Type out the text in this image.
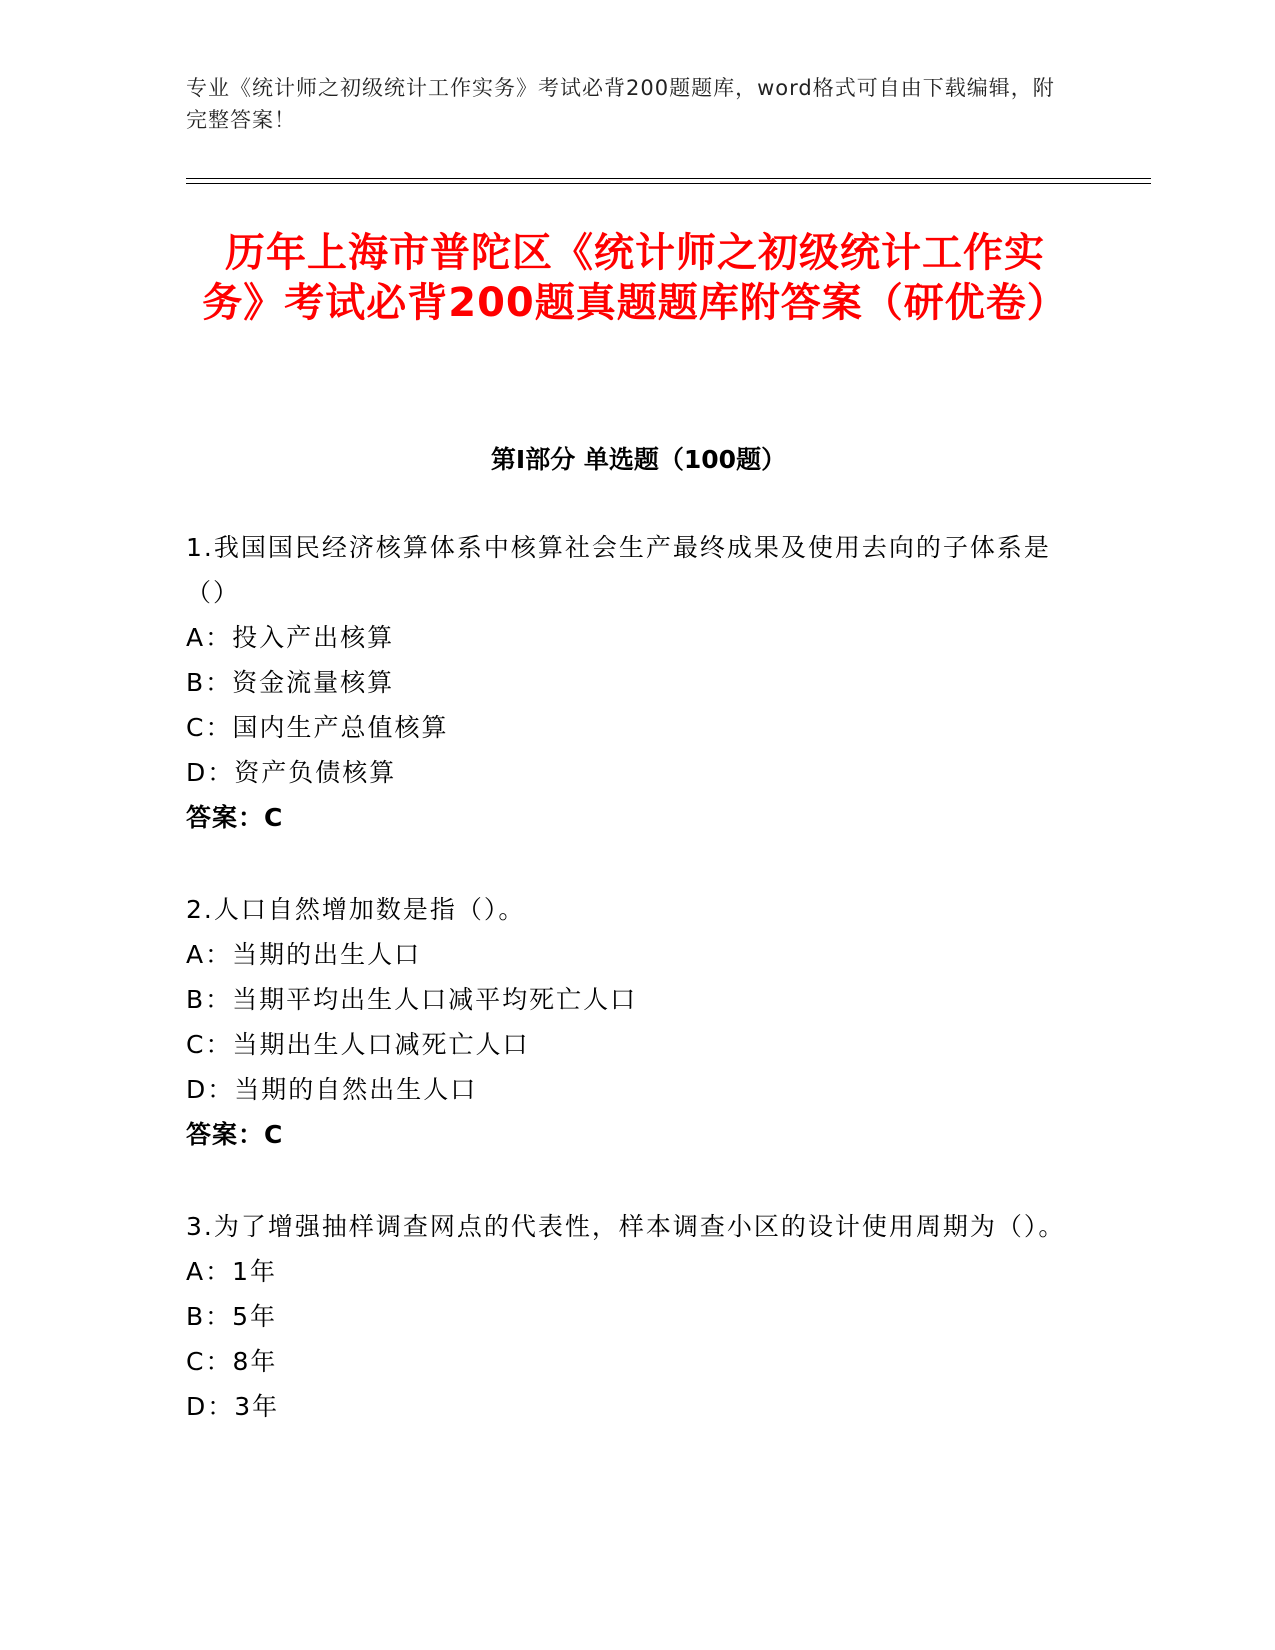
专业《统计师之初级统计工作实务》考试必背200题题库，word格式可自由下载编辑，附完整答案！
历年上海市普陀区《统计师之初级统计工作实务》考试必背200题真题题库附答案（研优卷）
第Ⅰ部分 单选题（100题）
1.我国国民经济核算体系中核算社会生产最终成果及使用去向的子体系是（）
A：投入产出核算
B：资金流量核算
C：国内生产总值核算
D：资产负债核算
答案：C
2.人口自然增加数是指（）。
A：当期的出生人口
B：当期平均出生人口减平均死亡人口
C：当期出生人口减死亡人口
D：当期的自然出生人口
答案：C
3.为了增强抽样调查网点的代表性，样本调查小区的设计使用周期为（）。
A：1年
B：5年
C：8年
D：3年
